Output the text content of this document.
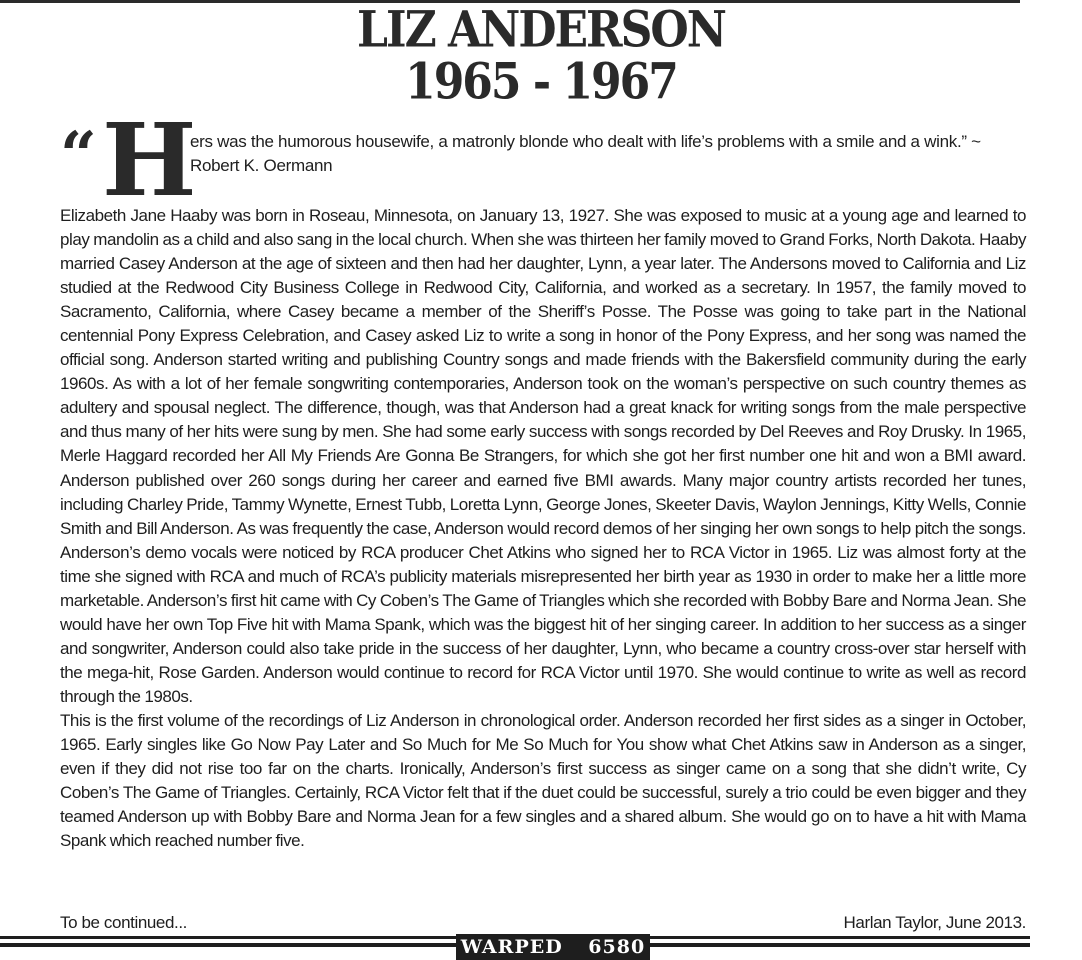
LIZ ANDERSON
1965 - 1967
“ H
ers was the humorous housewife, a matronly blonde who dealt with life’s problems with a smile and a wink.” ~ Robert K. Oermann

Elizabeth Jane Haaby was born in Roseau, Minnesota, on January 13, 1927. She was exposed to music at a young age and learned to play mandolin as a child and also sang in the local church. When she was thirteen her family moved to Grand Forks, North Dakota. Haaby married Casey Anderson at the age of sixteen and then had her daughter, Lynn, a year later. The Andersons moved to California and Liz studied at the Redwood City Business College in Redwood City, California, and worked as a secretary. In 1957, the family moved to Sacramento, California, where Casey became a member of the Sheriff’s Posse. The Posse was going to take part in the National centennial Pony Express Celebration, and Casey asked Liz to write a song in honor of the Pony Express, and her song was named the official song. Anderson started writing and publishing Country songs and made friends with the Bakersfield community during the early 1960s. As with a lot of her female songwriting contemporaries, Anderson took on the woman’s perspective on such country themes as adultery and spousal neglect. The difference, though, was that Anderson had a great knack for writing songs from the male perspective and thus many of her hits were sung by men. She had some early success with songs recorded by Del Reeves and Roy Drusky. In 1965, Merle Haggard recorded her All My Friends Are Gonna Be Strangers, for which she got her first number one hit and won a BMI award. Anderson published over 260 songs during her career and earned five BMI awards. Many major country artists recorded her tunes, including Charley Pride, Tammy Wynette, Ernest Tubb, Loretta Lynn, George Jones, Skeeter Davis, Waylon Jennings, Kitty Wells, Connie Smith and Bill Anderson. As was frequently the case, Anderson would record demos of her singing her own songs to help pitch the songs. Anderson’s demo vocals were noticed by RCA producer Chet Atkins who signed her to RCA Victor in 1965. Liz was almost forty at the time she signed with RCA and much of RCA’s publicity materials misrepresented her birth year as 1930 in order to make her a little more marketable. Anderson’s first hit came with Cy Coben’s The Game of Triangles which she recorded with Bobby Bare and Norma Jean. She would have her own Top Five hit with Mama Spank, which was the biggest hit of her singing career. In addition to her success as a singer and songwriter, Anderson could also take pride in the success of her daughter, Lynn, who became a country cross-over star herself with the mega-hit, Rose Garden. Anderson would continue to record for RCA Victor until 1970. She would continue to write as well as record through the 1980s.

This is the first volume of the recordings of Liz Anderson in chronological order. Anderson recorded her first sides as a singer in October, 1965. Early singles like Go Now Pay Later and So Much for Me So Much for You show what Chet Atkins saw in Anderson as a singer, even if they did not rise too far on the charts. Ironically, Anderson’s first success as singer came on a song that she didn’t write, Cy Coben’s The Game of Triangles. Certainly, RCA Victor felt that if the duet could be successful, surely a trio could be even bigger and they teamed Anderson up with Bobby Bare and Norma Jean for a few singles and a shared album. She would go on to have a hit with Mama Spank which reached number five.

To be continued...	Harlan Taylor, June 2013.
WARPED 6580
